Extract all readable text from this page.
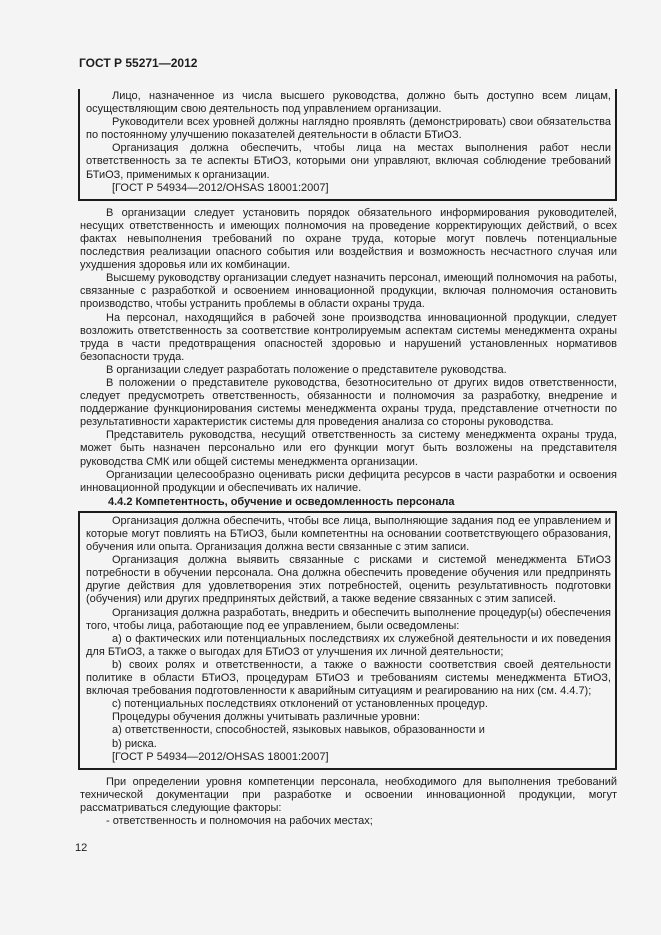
ГОСТ Р 55271—2012

Лицо, назначенное из числа высшего руководства, должно быть доступно всем лицам, осуществляющим свою деятельность под управлением организации.

Руководители всех уровней должны наглядно проявлять (демонстрировать) свои обязательства по постоянному улучшению показателей деятельности в области БТиОЗ.

Организация должна обеспечить, чтобы лица на местах выполнения работ несли ответственность за те аспекты БТиОЗ, которыми они управляют, включая соблюдение требований БТиОЗ, применимых к организации.

[ГОСТ Р 54934—2012/OHSAS 18001:2007]

В организации следует установить порядок обязательного информирования руководителей, несущих ответственность и имеющих полномочия на проведение корректирующих действий, о всех фактах невыполнения требований по охране труда, которые могут повлечь потенциальные последствия реализации опасного события или воздействия и возможность несчастного случая или ухудшения здоровья или их комбинации.

Высшему руководству организации следует назначить персонал, имеющий полномочия на работы, связанные с разработкой и освоением инновационной продукции, включая полномочия остановить производство, чтобы устранить проблемы в области охраны труда.

На персонал, находящийся в рабочей зоне производства инновационной продукции, следует возложить ответственность за соответствие контролируемым аспектам системы менеджмента охраны труда в части предотвращения опасностей здоровью и нарушений установленных нормативов безопасности труда.

В организации следует разработать положение о представителе руководства.

В положении о представителе руководства, безотносительно от других видов ответственности, следует предусмотреть ответственность, обязанности и полномочия за разработку, внедрение и поддержание функционирования системы менеджмента охраны труда, представление отчетности по результативности характеристик системы для проведения анализа со стороны руководства.

Представитель руководства, несущий ответственность за систему менеджмента охраны труда, может быть назначен персонально или его функции могут быть возложены на представителя руководства СМК или общей системы менеджмента организации.

Организации целесообразно оценивать риски дефицита ресурсов в части разработки и освоения инновационной продукции и обеспечивать их наличие.

4.4.2 Компетентность, обучение и осведомленность персонала

Организация должна обеспечить, чтобы все лица, выполняющие задания под ее управлением и которые могут повлиять на БТиОЗ, были компетентны на основании соответствующего образования, обучения или опыта. Организация должна вести связанные с этим записи.

Организация должна выявить связанные с рисками и системой менеджмента БТиОЗ потребности в обучении персонала. Она должна обеспечить проведение обучения или предпринять другие действия для удовлетворения этих потребностей, оценить результативность подготовки (обучения) или других предпринятых действий, а также ведение связанных с этим записей.

Организация должна разработать, внедрить и обеспечить выполнение процедур(ы) обеспечения того, чтобы лица, работающие под ее управлением, были осведомлены:

a) о фактических или потенциальных последствиях их служебной деятельности и их поведения для БТиОЗ, а также о выгодах для БТиОЗ от улучшения их личной деятельности;

b) своих ролях и ответственности, а также о важности соответствия своей деятельности политике в области БТиОЗ, процедурам БТиОЗ и требованиям системы менеджмента БТиОЗ, включая требования подготовленности к аварийным ситуациям и реагированию на них (см. 4.4.7);

c) потенциальных последствиях отклонений от установленных процедур.

Процедуры обучения должны учитывать различные уровни:

a) ответственности, способностей, языковых навыков, образованности и

b) риска.

[ГОСТ Р 54934—2012/OHSAS 18001:2007]

При определении уровня компетенции персонала, необходимого для выполнения требований технической документации при разработке и освоении инновационной продукции, могут рассматриваться следующие факторы:

- ответственность и полномочия на рабочих местах;

12
